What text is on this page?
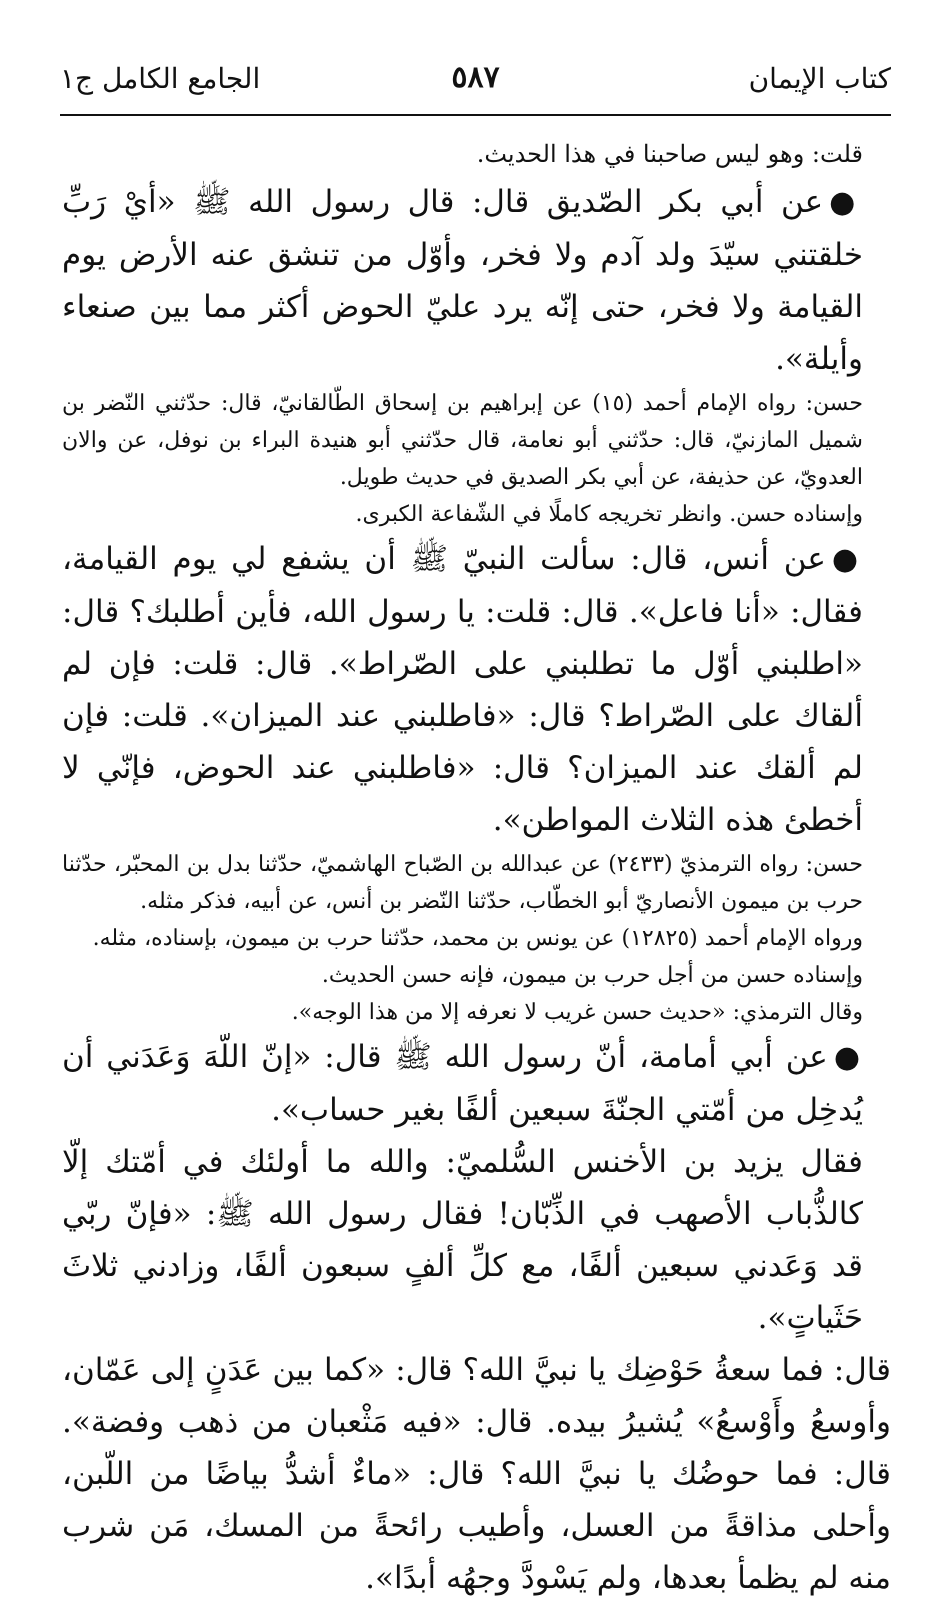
كتاب الإيمان
٥٨٧
الجامع الكامل ج١

قلت: وهو ليس صاحبنا في هذا الحديث.

●عن أبي بكر الصّديق قال: قال رسول الله ﷺ «أيْ رَبِّ خلقتني سيّدَ ولد آدم ولا فخر، وأوّل من تنشق عنه الأرض يوم القيامة ولا فخر، حتى إنّه يرد عليّ الحوض أكثر مما بين صنعاء وأيلة».

حسن: رواه الإمام أحمد (١٥) عن إبراهيم بن إسحاق الطّالقانيّ، قال: حدّثني النّضر بن شميل المازنيّ، قال: حدّثني أبو نعامة، قال حدّثني أبو هنيدة البراء بن نوفل، عن والان العدويّ، عن حذيفة، عن أبي بكر الصديق في حديث طويل.

وإسناده حسن. وانظر تخريجه كاملًا في الشّفاعة الكبرى.

●عن أنس، قال: سألت النبيّ ﷺ أن يشفع لي يوم القيامة، فقال: «أنا فاعل». قال: قلت: يا رسول الله، فأين أطلبك؟ قال: «اطلبني أوّل ما تطلبني على الصّراط». قال: قلت: فإن لم ألقاك على الصّراط؟ قال: «فاطلبني عند الميزان». قلت: فإن لم ألقك عند الميزان؟ قال: «فاطلبني عند الحوض، فإنّي لا أخطئ هذه الثلاث المواطن».

حسن: رواه الترمذيّ (٢٤٣٣) عن عبدالله بن الصّباح الهاشميّ، حدّثنا بدل بن المحبّر، حدّثنا حرب بن ميمون الأنصاريّ أبو الخطّاب، حدّثنا النّضر بن أنس، عن أبيه، فذكر مثله.

ورواه الإمام أحمد (١٢٨٢٥) عن يونس بن محمد، حدّثنا حرب بن ميمون، بإسناده، مثله.

وإسناده حسن من أجل حرب بن ميمون، فإنه حسن الحديث.

وقال الترمذي: «حديث حسن غريب لا نعرفه إلا من هذا الوجه».

●عن أبي أمامة، أنّ رسول الله ﷺ قال: «إنّ اللّهَ وَعَدَني أن يُدخِل من أمّتي الجنّةَ سبعين ألفًا بغير حساب».

فقال يزيد بن الأخنس السُّلميّ: والله ما أولئك في أمّتك إلّا كالذُّباب الأصهب في الذِّبّان! فقال رسول الله ﷺ: «فإنّ ربّي قد وَعَدني سبعين ألفًا، مع كلِّ ألفٍ سبعون ألفًا، وزادني ثلاثَ حَثَياتٍ».

قال: فما سعةُ حَوْضِك يا نبيَّ الله؟ قال: «كما بين عَدَنٍ إلى عَمّان، وأوسعُ وأَوْسعُ» يُشيرُ بيده. قال: «فيه مَثْعبان من ذهب وفضة». قال: فما حوضُك يا نبيَّ الله؟ قال: «ماءٌ أشدُّ بياضًا من اللّبن، وأحلى مذاقةً من العسل، وأطيب رائحةً من المسك، مَن شرب منه لم يظمأ بعدها، ولم يَسْودَّ وجهُه أبدًا».
